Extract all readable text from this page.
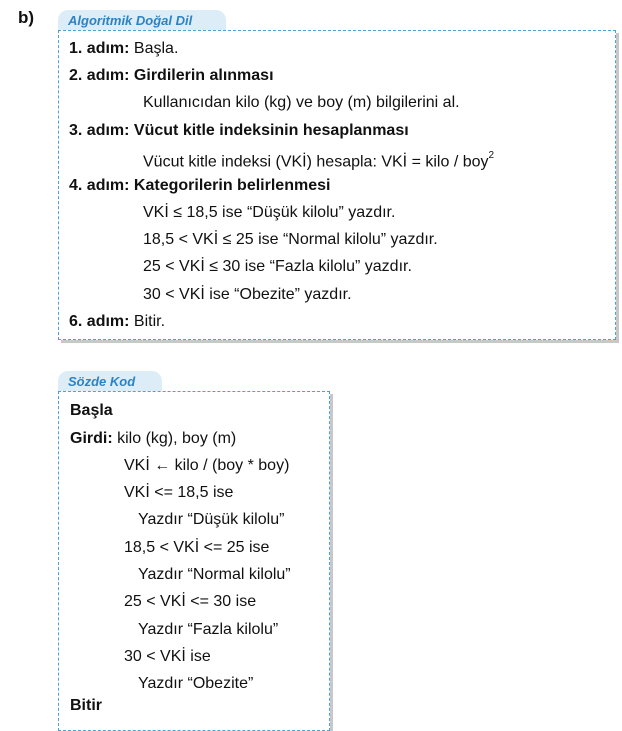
b)	Algoritmik Doğal Dil
1. adım: Başla.
2. adım: Girdilerin alınması
Kullanıcıdan kilo (kg) ve boy (m) bilgilerini al.
3. adım: Vücut kitle indeksinin hesaplanması
Vücut kitle indeksi (VKİ) hesapla: VKİ = kilo / boy$^2$
4. adım: Kategorilerin belirlenmesi
VKİ ≤ 18,5 ise “Düşük kilolu” yazdır.
18,5 < VKİ ≤ 25 ise “Normal kilolu” yazdır.
25 < VKİ ≤ 30 ise “Fazla kilolu” yazdır.
30 < VKİ ise “Obezite” yazdır.
6. adım: Bitir.
Sözde Kod
Başla
Girdi: kilo (kg), boy (m)
VKİ ← kilo / (boy * boy)
VKİ <= 18,5 ise
Yazdır “Düşük kilolu”
18,5 < VKİ <= 25 ise
Yazdır “Normal kilolu”
25 < VKİ <= 30 ise
Yazdır “Fazla kilolu”
30 < VKİ ise
Yazdır “Obezite”
Bitir
